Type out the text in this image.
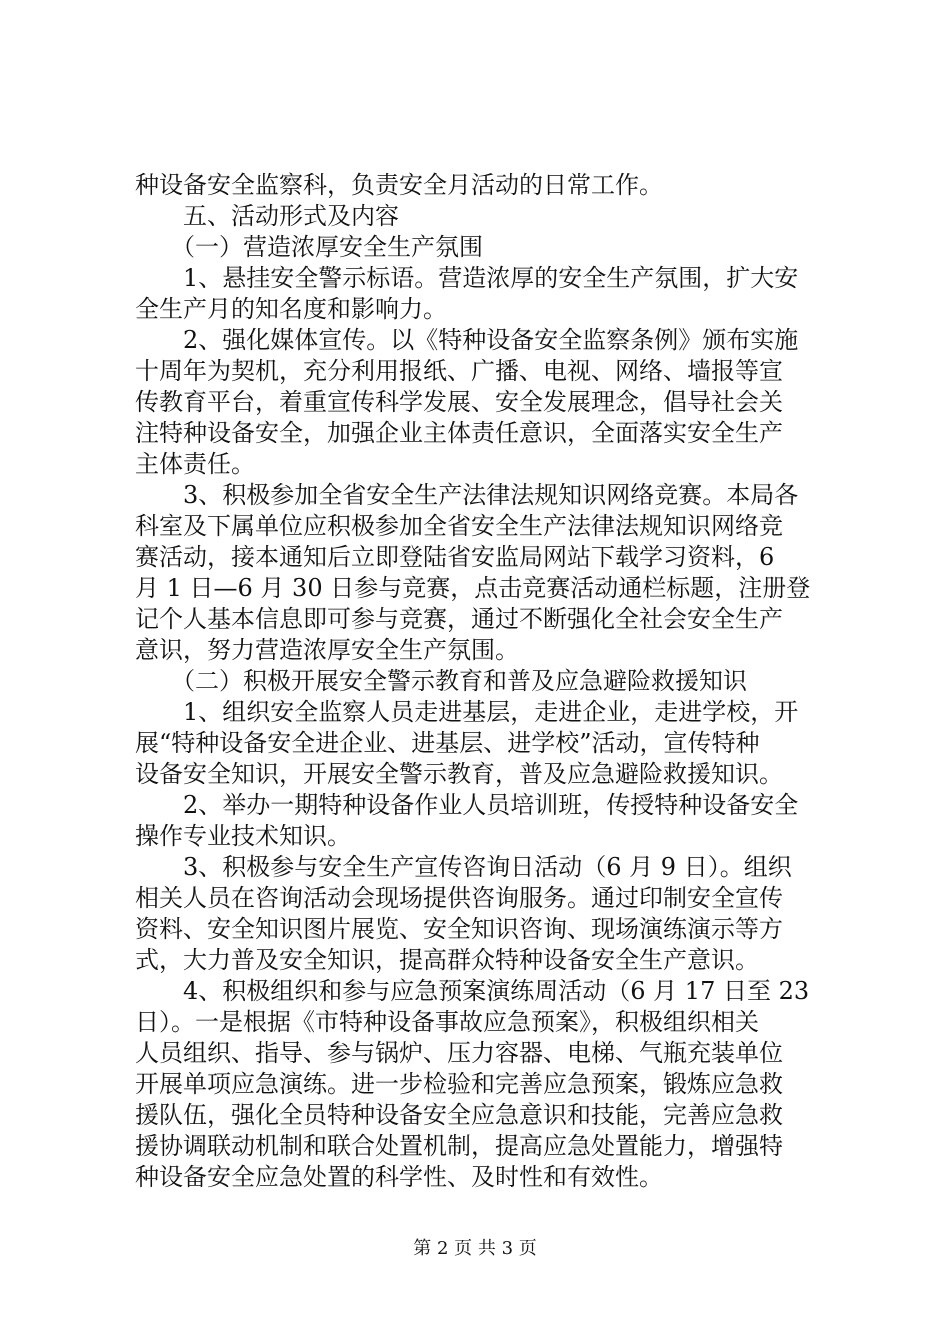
种设备安全监察科，负责安全月活动的日常工作。
　　五、活动形式及内容
　　（一）营造浓厚安全生产氛围
　　1、悬挂安全警示标语。营造浓厚的安全生产氛围，扩大安
全生产月的知名度和影响力。
　　2、强化媒体宣传。以《特种设备安全监察条例》颁布实施
十周年为契机，充分利用报纸、广播、电视、网络、墙报等宣
传教育平台，着重宣传科学发展、安全发展理念，倡导社会关
注特种设备安全，加强企业主体责任意识，全面落实安全生产
主体责任。
　　3、积极参加全省安全生产法律法规知识网络竞赛。本局各
科室及下属单位应积极参加全省安全生产法律法规知识网络竞
赛活动，接本通知后立即登陆省安监局网站下载学习资料，6
月 1 日—6 月 30 日参与竞赛，点击竞赛活动通栏标题，注册登
记个人基本信息即可参与竞赛，通过不断强化全社会安全生产
意识，努力营造浓厚安全生产氛围。
　　（二）积极开展安全警示教育和普及应急避险救援知识
　　1、组织安全监察人员走进基层，走进企业，走进学校，开
展“特种设备安全进企业、进基层、进学校”活动，宣传特种
设备安全知识，开展安全警示教育，普及应急避险救援知识。
　　2、举办一期特种设备作业人员培训班，传授特种设备安全
操作专业技术知识。
　　3、积极参与安全生产宣传咨询日活动（6 月 9 日）。组织
相关人员在咨询活动会现场提供咨询服务。通过印制安全宣传
资料、安全知识图片展览、安全知识咨询、现场演练演示等方
式，大力普及安全知识，提高群众特种设备安全生产意识。
　　4、积极组织和参与应急预案演练周活动（6 月 17 日至 23
日）。一是根据《市特种设备事故应急预案》，积极组织相关
人员组织、指导、参与锅炉、压力容器、电梯、气瓶充装单位
开展单项应急演练。进一步检验和完善应急预案，锻炼应急救
援队伍，强化全员特种设备安全应急意识和技能，完善应急救
援协调联动机制和联合处置机制，提高应急处置能力，增强特
种设备安全应急处置的科学性、及时性和有效性。
第 2 页 共 3 页
